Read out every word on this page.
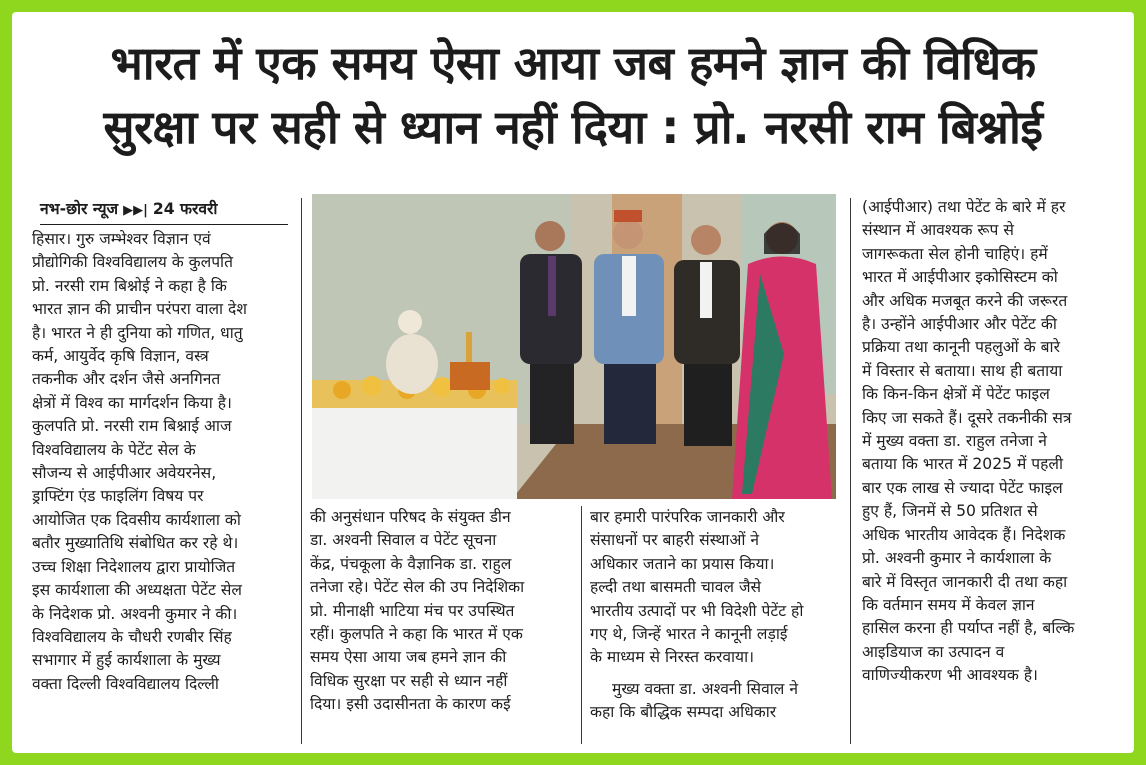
भारत में एक समय ऐसा आया जब हमने ज्ञान की विधिक
सुरक्षा पर सही से ध्यान नहीं दिया : प्रो. नरसी राम बिश्नोई
नभ-छोर न्यूज ▶▶| 24 फरवरी
हिसार। गुरु जम्भेश्वर विज्ञान एवं
प्रौद्योगिकी विश्वविद्यालय के कुलपति
प्रो. नरसी राम बिश्नोई ने कहा है कि
भारत ज्ञान की प्राचीन परंपरा वाला देश
है। भारत ने ही दुनिया को गणित, धातु
कर्म, आयुर्वेद कृषि विज्ञान, वस्त्र
तकनीक और दर्शन जैसे अनगिनत
क्षेत्रों में विश्व का मार्गदर्शन किया है।
कुलपति प्रो. नरसी राम बिश्नाई आज
विश्वविद्यालय के पेटेंट सेल के
सौजन्य से आईपीआर अवेयरनेस,
ड्राफ्टिंग एंड फाइलिंग विषय पर
आयोजित एक दिवसीय कार्यशाला को
बतौर मुख्यातिथि संबोधित कर रहे थे।
उच्च शिक्षा निदेशालय द्वारा प्रायोजित
इस कार्यशाला की अध्यक्षता पेटेंट सेल
के निदेशक प्रो. अश्वनी कुमार ने की।
विश्वविद्यालय के चौधरी रणबीर सिंह
सभागार में हुई कार्यशाला के मुख्य
वक्ता दिल्ली विश्वविद्यालय दिल्ली
की अनुसंधान परिषद के संयुक्त डीन
डा. अश्वनी सिवाल व पेटेंट सूचना
केंद्र, पंचकूला के वैज्ञानिक डा. राहुल
तनेजा रहे। पेटेंट सेल की उप निदेशिका
प्रो. मीनाक्षी भाटिया मंच पर उपस्थित
रहीं। कुलपति ने कहा कि भारत में एक
समय ऐसा आया जब हमने ज्ञान की
विधिक सुरक्षा पर सही से ध्यान नहीं
दिया। इसी उदासीनता के कारण कई
बार हमारी पारंपरिक जानकारी और
संसाधनों पर बाहरी संस्थाओं ने
अधिकार जताने का प्रयास किया।
हल्दी तथा बासमती चावल जैसे
भारतीय उत्पादों पर भी विदेशी पेटेंट हो
गए थे, जिन्हें भारत ने कानूनी लड़ाई
के माध्यम से निरस्त करवाया।
मुख्य वक्ता डा. अश्वनी सिवाल ने
कहा कि बौद्धिक सम्पदा अधिकार
(आईपीआर) तथा पेटेंट के बारे में हर
संस्थान में आवश्यक रूप से
जागरूकता सेल होनी चाहिएं। हमें
भारत में आईपीआर इकोसिस्टम को
और अधिक मजबूत करने की जरूरत
है। उन्होंने आईपीआर और पेटेंट की
प्रक्रिया तथा कानूनी पहलुओं के बारे
में विस्तार से बताया। साथ ही बताया
कि किन-किन क्षेत्रों में पेटेंट फाइल
किए जा सकते हैं। दूसरे तकनीकी सत्र
में मुख्य वक्ता डा. राहुल तनेजा ने
बताया कि भारत में 2025 में पहली
बार एक लाख से ज्यादा पेटेंट फाइल
हुए हैं, जिनमें से 50 प्रतिशत से
अधिक भारतीय आवेदक हैं। निदेशक
प्रो. अश्वनी कुमार ने कार्यशाला के
बारे में विस्तृत जानकारी दी तथा कहा
कि वर्तमान समय में केवल ज्ञान
हासिल करना ही पर्याप्त नहीं है, बल्कि
आइडियाज का उत्पादन व
वाणिज्यीकरण भी आवश्यक है।
